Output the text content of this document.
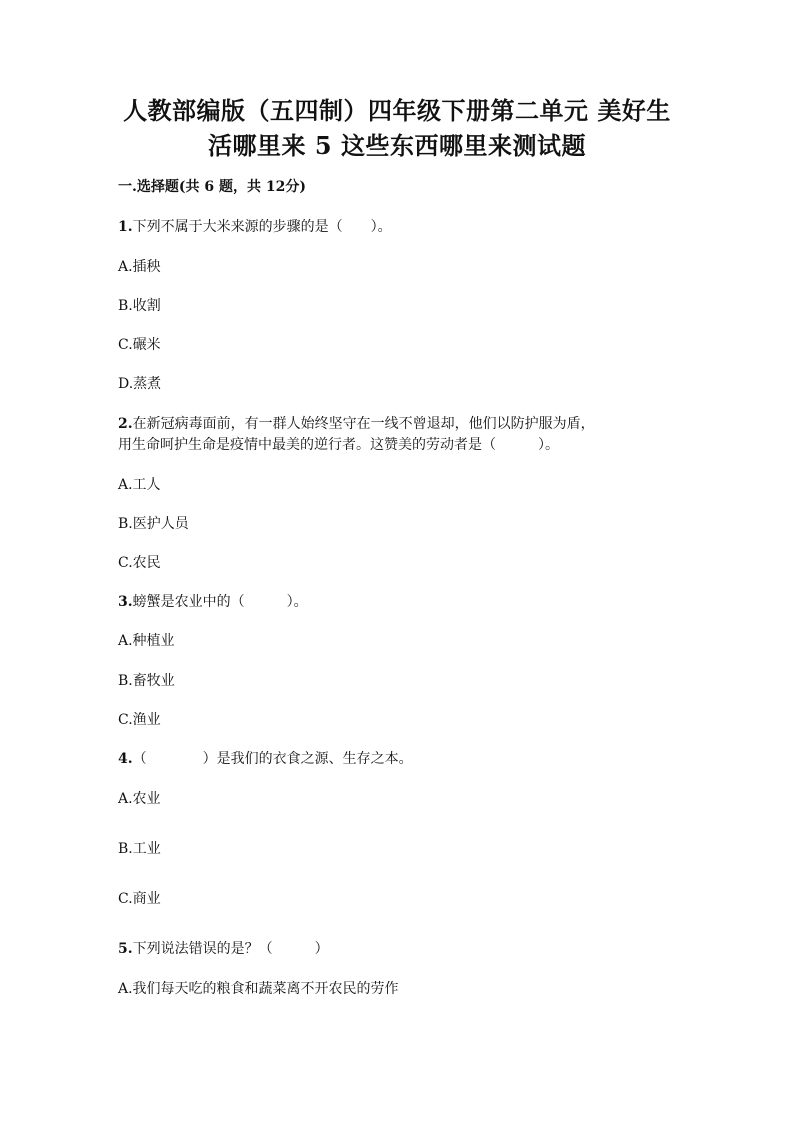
人教部编版（五四制）四年级下册第二单元 美好生
活哪里来 5 这些东西哪里来测试题
一.选择题(共 6 题，共 12分)
1.下列不属于大米来源的步骤的是（　　）。
A.插秧
B.收割
C.碾米
D.蒸煮
2.在新冠病毒面前，有一群人始终坚守在一线不曾退却，他们以防护服为盾，
用生命呵护生命是疫情中最美的逆行者。这赞美的劳动者是（　　　）。
A.工人
B.医护人员
C.农民
3.螃蟹是农业中的（　　　）。
A.种植业
B.畜牧业
C.渔业
4.（　　　　）是我们的衣食之源、生存之本。
A.农业
B.工业
C.商业
5.下列说法错误的是？（　　　）
A.我们每天吃的粮食和蔬菜离不开农民的劳作
